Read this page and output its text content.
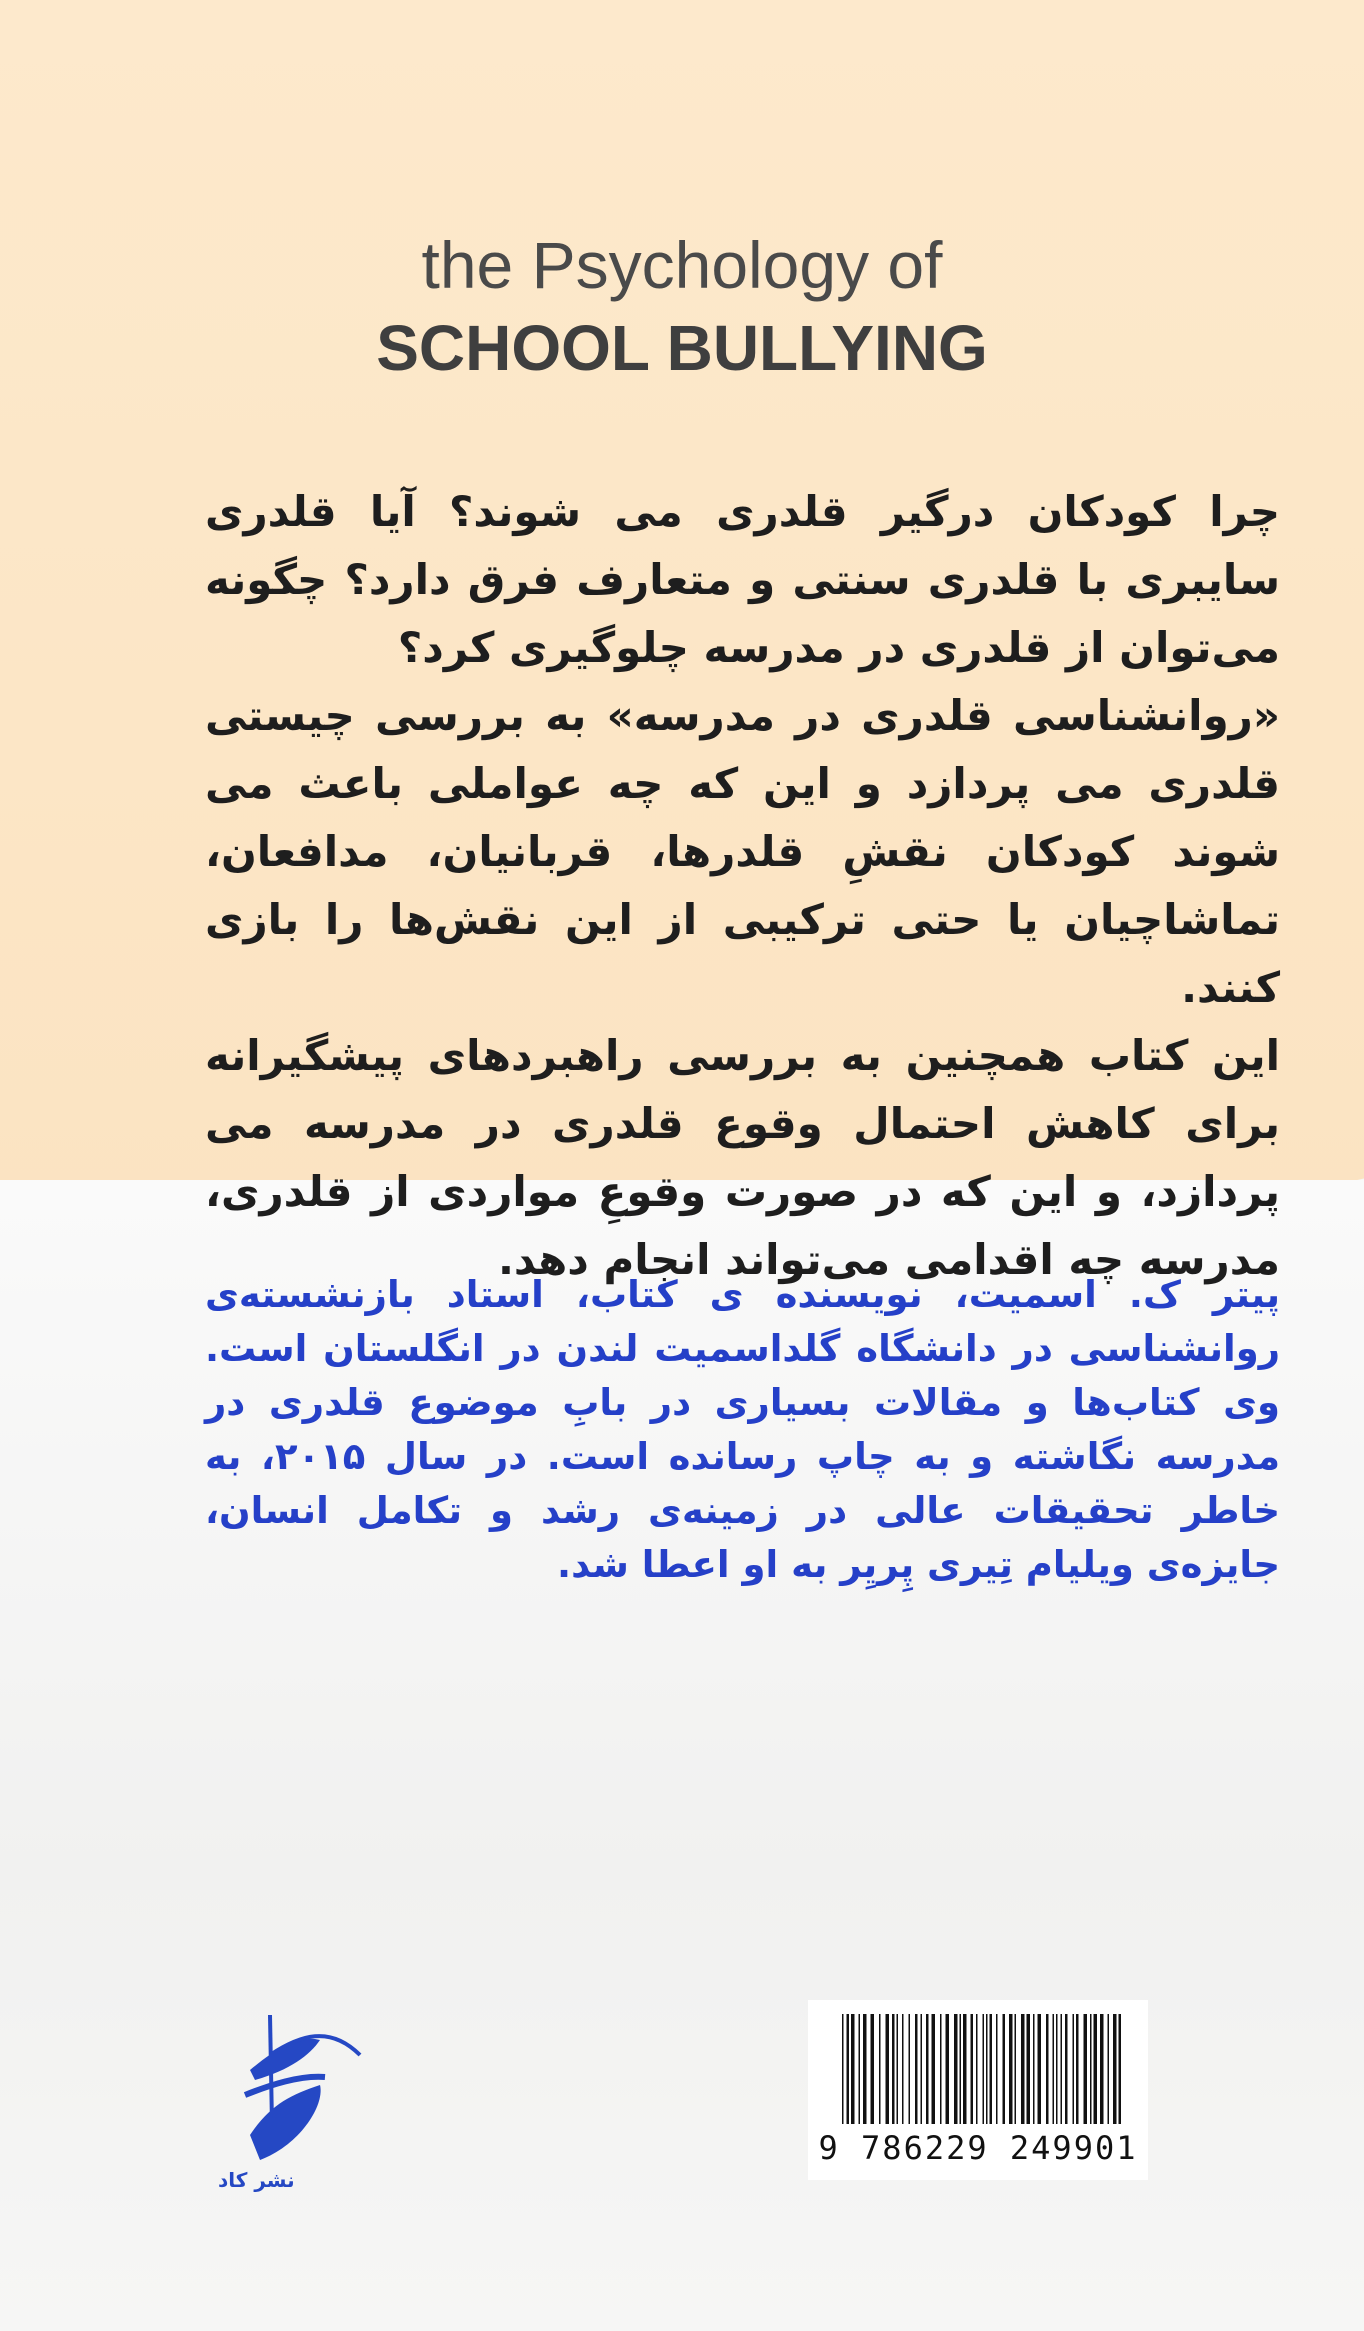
the Psychology of
SCHOOL BULLYING

چرا کودکان درگیر قلدری می شوند؟ آیا قلدری سایبری با قلدری سنتی و متعارف فرق دارد؟ چگونه می‌توان از قلدری در مدرسه چلوگیری کرد؟

«روانشناسی قلدری در مدرسه» به بررسی چیستی قلدری می پردازد و این که چه عواملی باعث می شوند کودکان نقشِ قلدرها، قربانیان، مدافعان، تماشاچیان یا حتی ترکیبی از این نقش‌ها را بازی کنند.

این کتاب همچنین به بررسی راهبردهای پیشگیرانه برای کاهش احتمال وقوع قلدری در مدرسه می پردازد، و این که در صورت وقوعِ مواردی از قلدری، مدرسه چه اقدامی می‌تواند انجام دهد.

پیتر ک. اسمیت، نویسنده ی کتاب، استاد بازنشسته‌ی روانشناسی در دانشگاه گلداسمیت لندن در انگلستان است. وی کتاب‌ها و مقالات بسیاری در بابِ موضوع قلدری در مدرسه نگاشته و به چاپ رسانده است. در سال ۲۰۱۵، به خاطر تحقیقات عالی در زمینه‌ی رشد و تکامل انسان، جایزه‌ی ویلیام تِیری پِریِر به او اعطا شد.

نشر کاد
9 786229 249901
